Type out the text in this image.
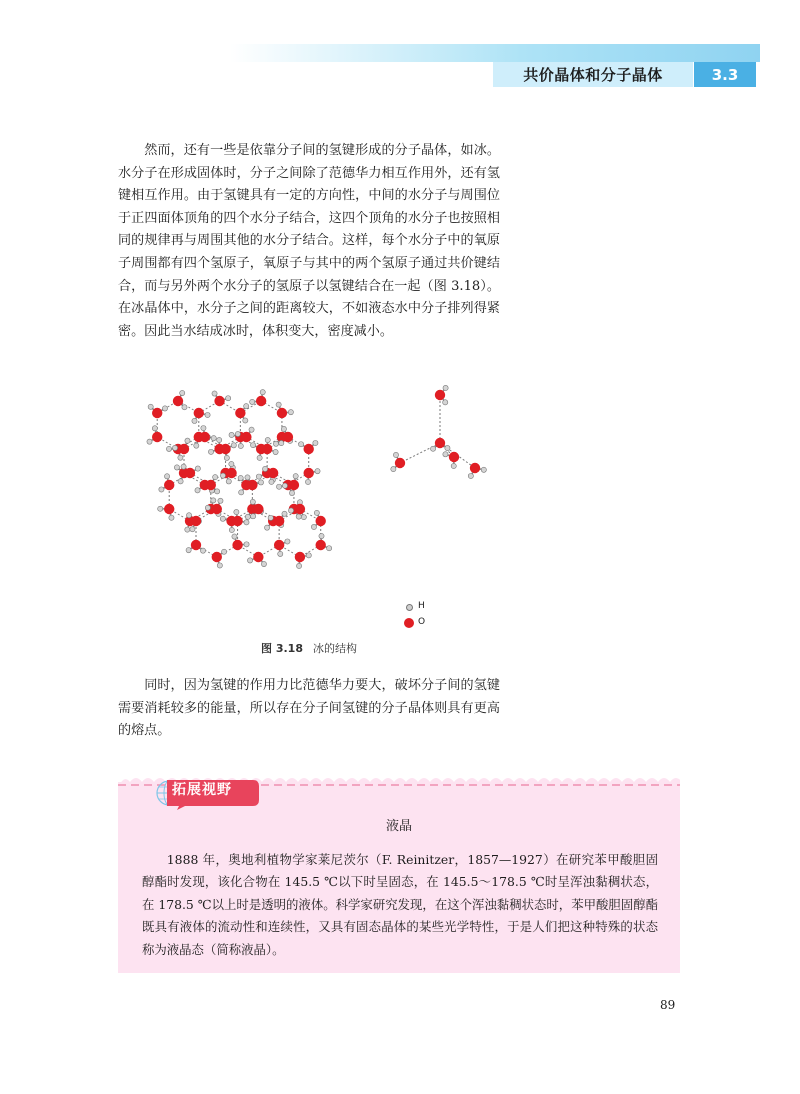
共价晶体和分子晶体	3.3

然而，还有一些是依靠分子间的氢键形成的分子晶体，如冰。水分子在形成固体时，分子之间除了范德华力相互作用外，还有氢键相互作用。由于氢键具有一定的方向性，中间的水分子与周围位于正四面体顶角的四个水分子结合，这四个顶角的水分子也按照相同的规律再与周围其他的水分子结合。这样，每个水分子中的氧原子周围都有四个氢原子，氧原子与其中的两个氢原子通过共价键结合，而与另外两个水分子的氢原子以氢键结合在一起（图 3.18）。在冰晶体中，水分子之间的距离较大，不如液态水中分子排列得紧密。因此当水结成冰时，体积变大，密度减小。

H
O
图 3.18 冰的结构

同时，因为氢键的作用力比范德华力要大，破坏分子间的氢键需要消耗较多的能量，所以存在分子间氢键的分子晶体则具有更高的熔点。

拓展视野
液晶

1888 年，奥地利植物学家莱尼茨尔（F. Reinitzer，1857—1927）在研究苯甲酸胆固醇酯时发现，该化合物在 145.5 ℃以下时呈固态，在 145.5～178.5 ℃时呈浑浊黏稠状态，在 178.5 ℃以上时是透明的液体。科学家研究发现，在这个浑浊黏稠状态时，苯甲酸胆固醇酯既具有液体的流动性和连续性，又具有固态晶体的某些光学特性，于是人们把这种特殊的状态称为液晶态（简称液晶）。

89
